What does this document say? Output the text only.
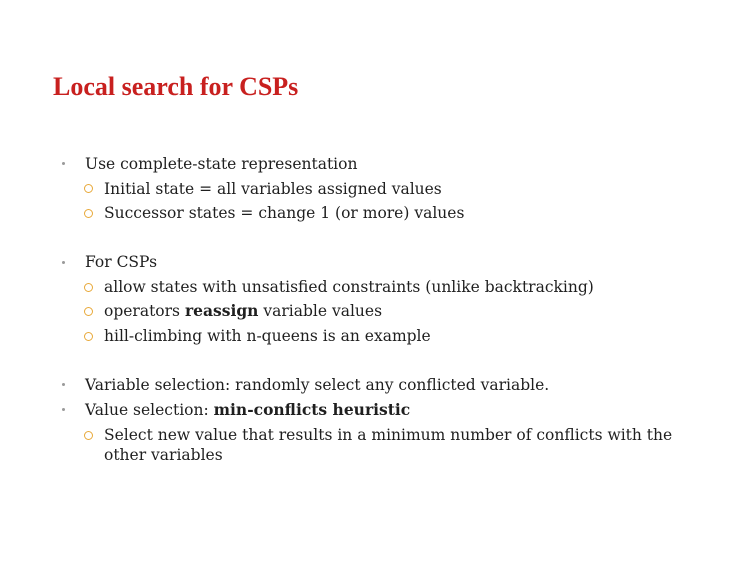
Local search for CSPs
Use complete-state representation
Initial state = all variables assigned values
Successor states = change 1 (or more) values
For CSPs
allow states with unsatisfied constraints (unlike backtracking)
operators reassign variable values
hill-climbing with n-queens is an example
Variable selection: randomly select any conflicted variable.
Value selection: min-conflicts heuristic
Select new value that results in a minimum number of conflicts with the
other variables
